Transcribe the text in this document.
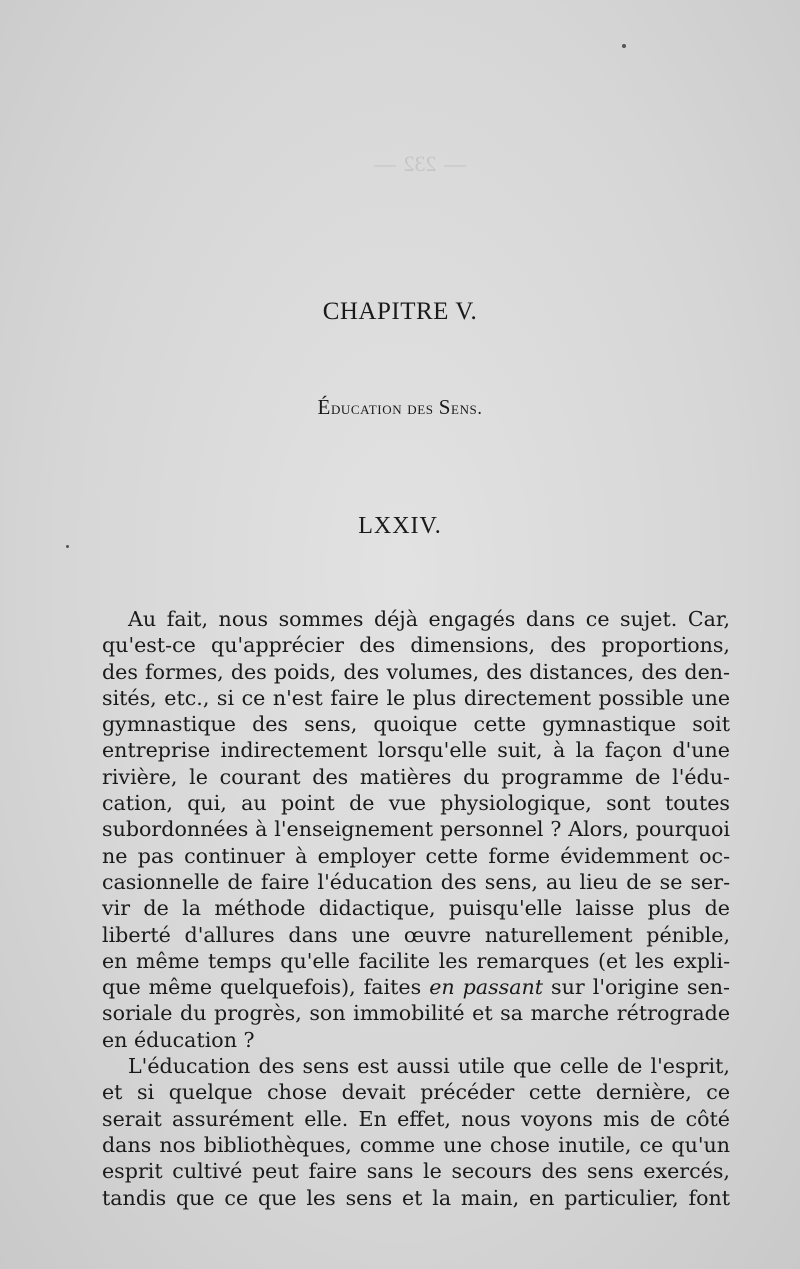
— 232 —
CHAPITRE V.
Éducation des Sens.
LXXIV.
Au fait, nous sommes déjà engagés dans ce sujet. Car,
qu'est-ce qu'apprécier des dimensions, des proportions,
des formes, des poids, des volumes, des distances, des den-
sités, etc., si ce n'est faire le plus directement possible une
gymnastique des sens, quoique cette gymnastique soit
entreprise indirectement lorsqu'elle suit, à la façon d'une
rivière, le courant des matières du programme de l'édu-
cation, qui, au point de vue physiologique, sont toutes
subordonnées à l'enseignement personnel ? Alors, pourquoi
ne pas continuer à employer cette forme évidemment oc-
casionnelle de faire l'éducation des sens, au lieu de se ser-
vir de la méthode didactique, puisqu'elle laisse plus de
liberté d'allures dans une œuvre naturellement pénible,
en même temps qu'elle facilite les remarques (et les expli-
que même quelquefois), faites en passant sur l'origine sen-
soriale du progrès, son immobilité et sa marche rétrograde
en éducation ?
L'éducation des sens est aussi utile que celle de l'esprit,
et si quelque chose devait précéder cette dernière, ce
serait assurément elle. En effet, nous voyons mis de côté
dans nos bibliothèques, comme une chose inutile, ce qu'un
esprit cultivé peut faire sans le secours des sens exercés,
tandis que ce que les sens et la main, en particulier, font
